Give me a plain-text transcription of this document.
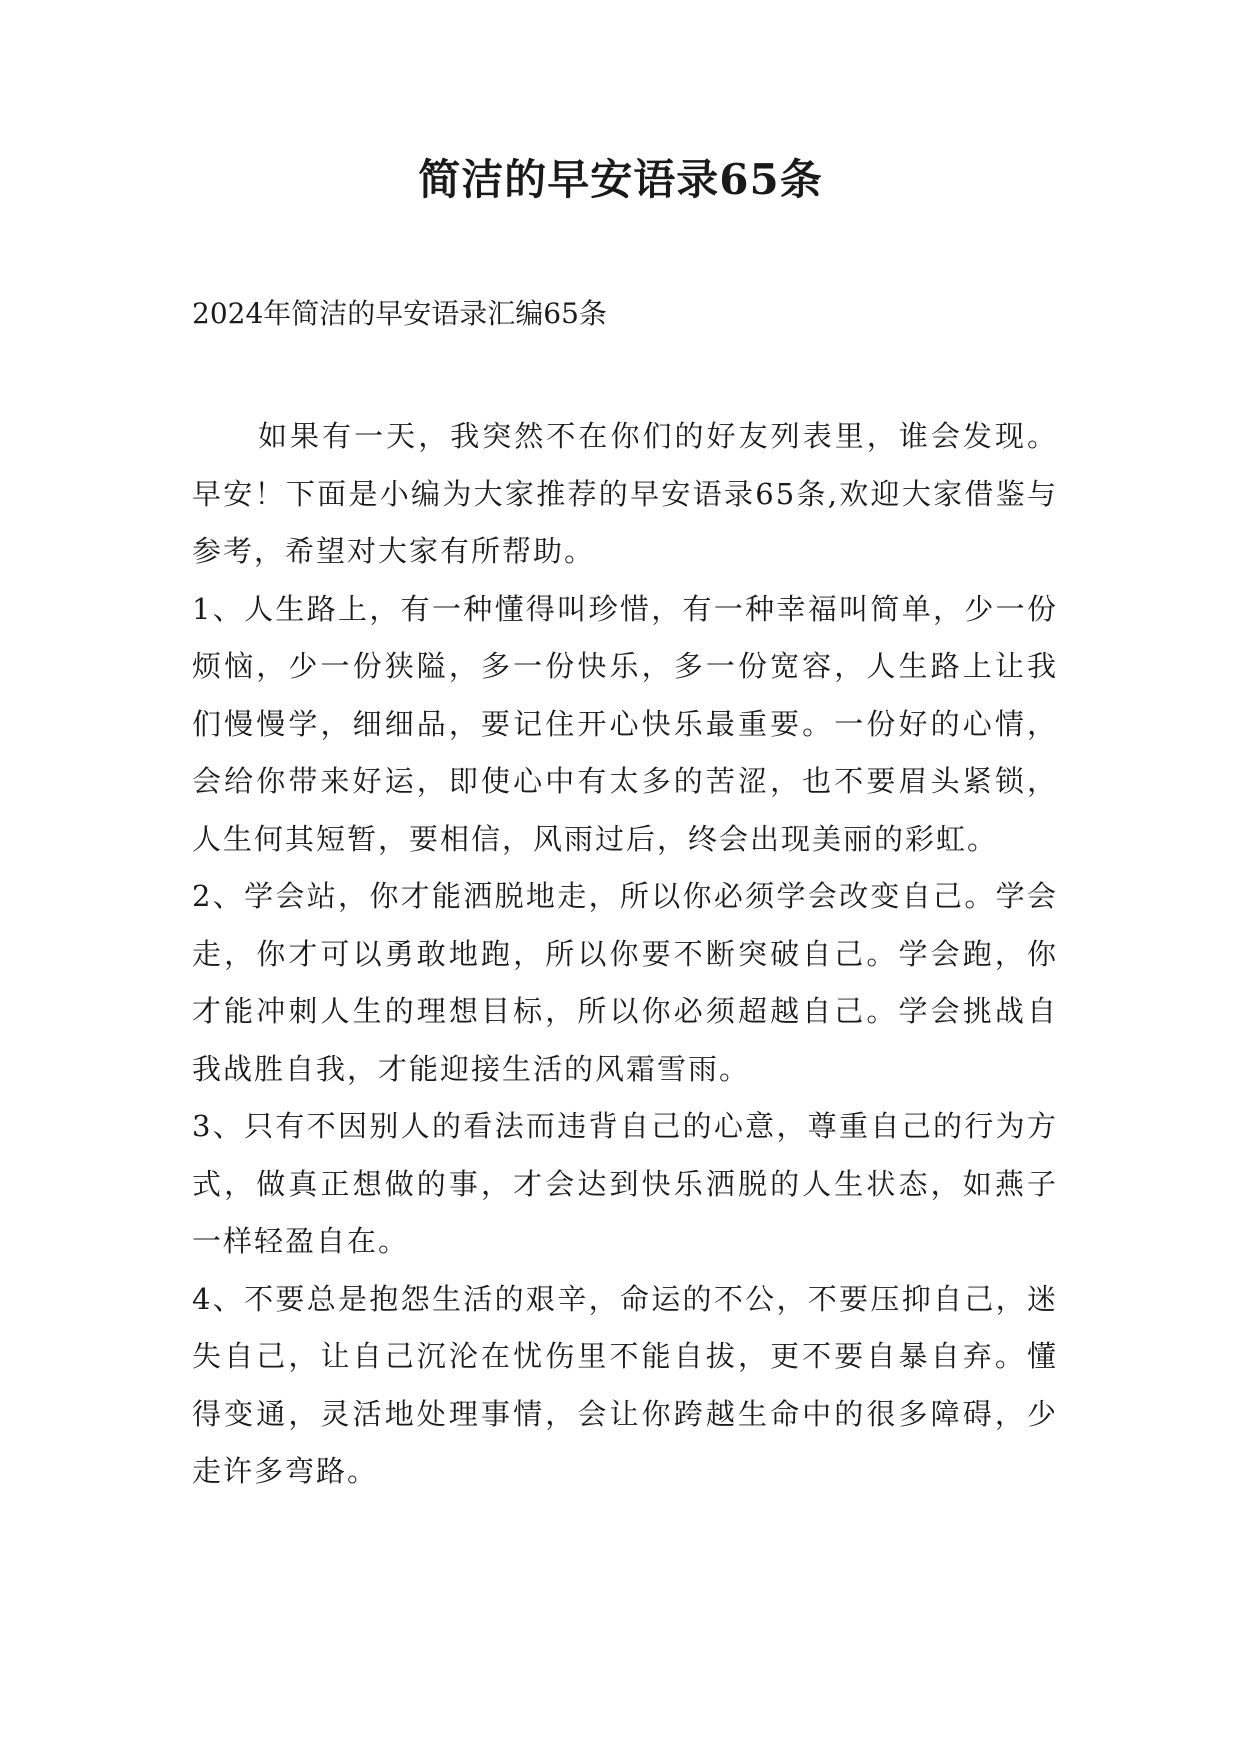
简洁的早安语录65条
2024年简洁的早安语录汇编65条

如果有一天，我突然不在你们的好友列表里，谁会发现。早安！下面是小编为大家推荐的早安语录65条,欢迎大家借鉴与参考，希望对大家有所帮助。

1、人生路上，有一种懂得叫珍惜，有一种幸福叫简单，少一份烦恼，少一份狭隘，多一份快乐，多一份宽容，人生路上让我们慢慢学，细细品，要记住开心快乐最重要。一份好的心情，会给你带来好运，即使心中有太多的苦涩，也不要眉头紧锁，人生何其短暂，要相信，风雨过后，终会出现美丽的彩虹。

2、学会站，你才能洒脱地走，所以你必须学会改变自己。学会走，你才可以勇敢地跑，所以你要不断突破自己。学会跑，你才能冲刺人生的理想目标，所以你必须超越自己。学会挑战自我战胜自我，才能迎接生活的风霜雪雨。

3、只有不因别人的看法而违背自己的心意，尊重自己的行为方式，做真正想做的事，才会达到快乐洒脱的人生状态，如燕子一样轻盈自在。

4、不要总是抱怨生活的艰辛，命运的不公，不要压抑自己，迷失自己，让自己沉沦在忧伤里不能自拔，更不要自暴自弃。懂得变通，灵活地处理事情，会让你跨越生命中的很多障碍，少走许多弯路。
